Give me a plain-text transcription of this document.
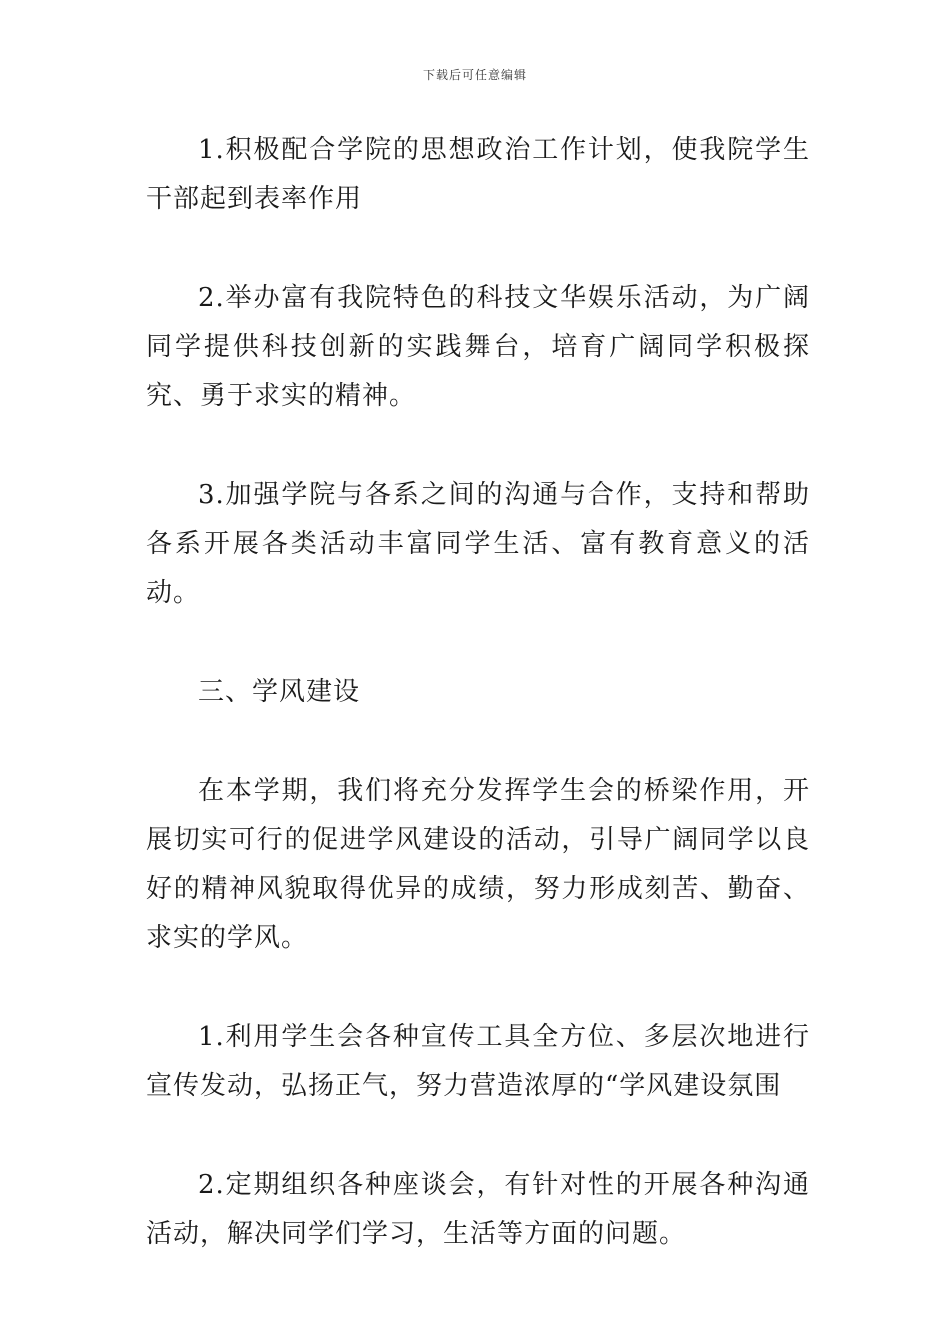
下载后可任意编辑

1.积极配合学院的思想政治工作计划，使我院学生干部起到表率作用

2.举办富有我院特色的科技文华娱乐活动，为广阔同学提供科技创新的实践舞台，培育广阔同学积极探究、勇于求实的精神。

3.加强学院与各系之间的沟通与合作，支持和帮助各系开展各类活动丰富同学生活、富有教育意义的活动。

三、学风建设

在本学期，我们将充分发挥学生会的桥梁作用，开展切实可行的促进学风建设的活动，引导广阔同学以良好的精神风貌取得优异的成绩，努力形成刻苦、勤奋、求实的学风。

1.利用学生会各种宣传工具全方位、多层次地进行宣传发动，弘扬正气，努力营造浓厚的“学风建设氛围

2.定期组织各种座谈会，有针对性的开展各种沟通活动，解决同学们学习，生活等方面的问题。
